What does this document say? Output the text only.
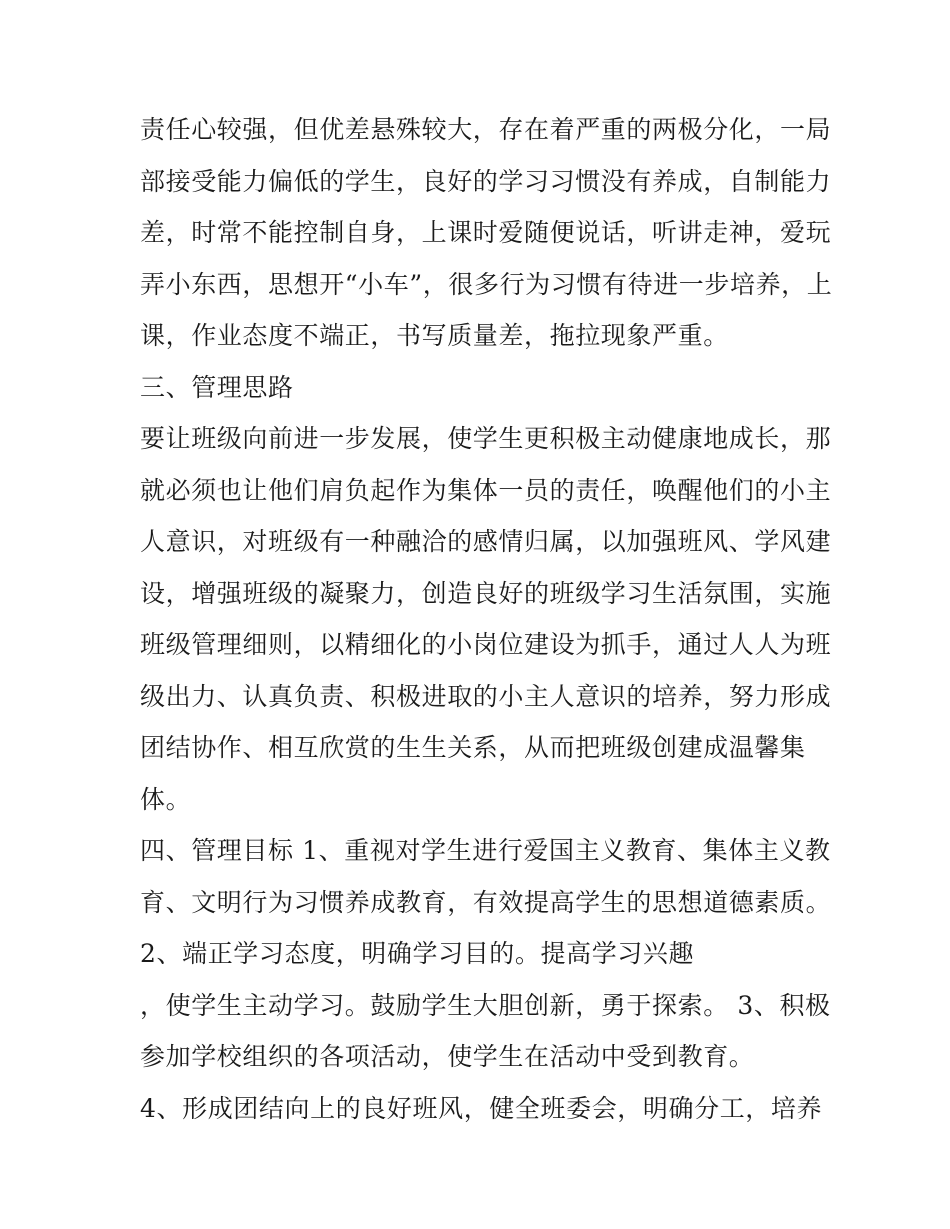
责任心较强，但优差悬殊较大，存在着严重的两极分化，一局
部接受能力偏低的学生，良好的学习习惯没有养成，自制能力
差，时常不能控制自身，上课时爱随便说话，听讲走神，爱玩
弄小东西，思想开“小车”，很多行为习惯有待进一步培养，上
课，作业态度不端正，书写质量差，拖拉现象严重。
三、管理思路
要让班级向前进一步发展，使学生更积极主动健康地成长，那
就必须也让他们肩负起作为集体一员的责任，唤醒他们的小主
人意识，对班级有一种融洽的感情归属，以加强班风、学风建
设，增强班级的凝聚力，创造良好的班级学习生活氛围，实施
班级管理细则，以精细化的小岗位建设为抓手，通过人人为班
级出力、认真负责、积极进取的小主人意识的培养，努力形成
团结协作、相互欣赏的生生关系，从而把班级创建成温馨集
体。
四、管理目标 1、重视对学生进行爱国主义教育、集体主义教
育、文明行为习惯养成教育，有效提高学生的思想道德素质。
2、端正学习态度，明确学习目的。提高学习兴趣
，使学生主动学习。鼓励学生大胆创新，勇于探索。 3、积极
参加学校组织的各项活动，使学生在活动中受到教育。
4、形成团结向上的良好班风，健全班委会，明确分工，培养
